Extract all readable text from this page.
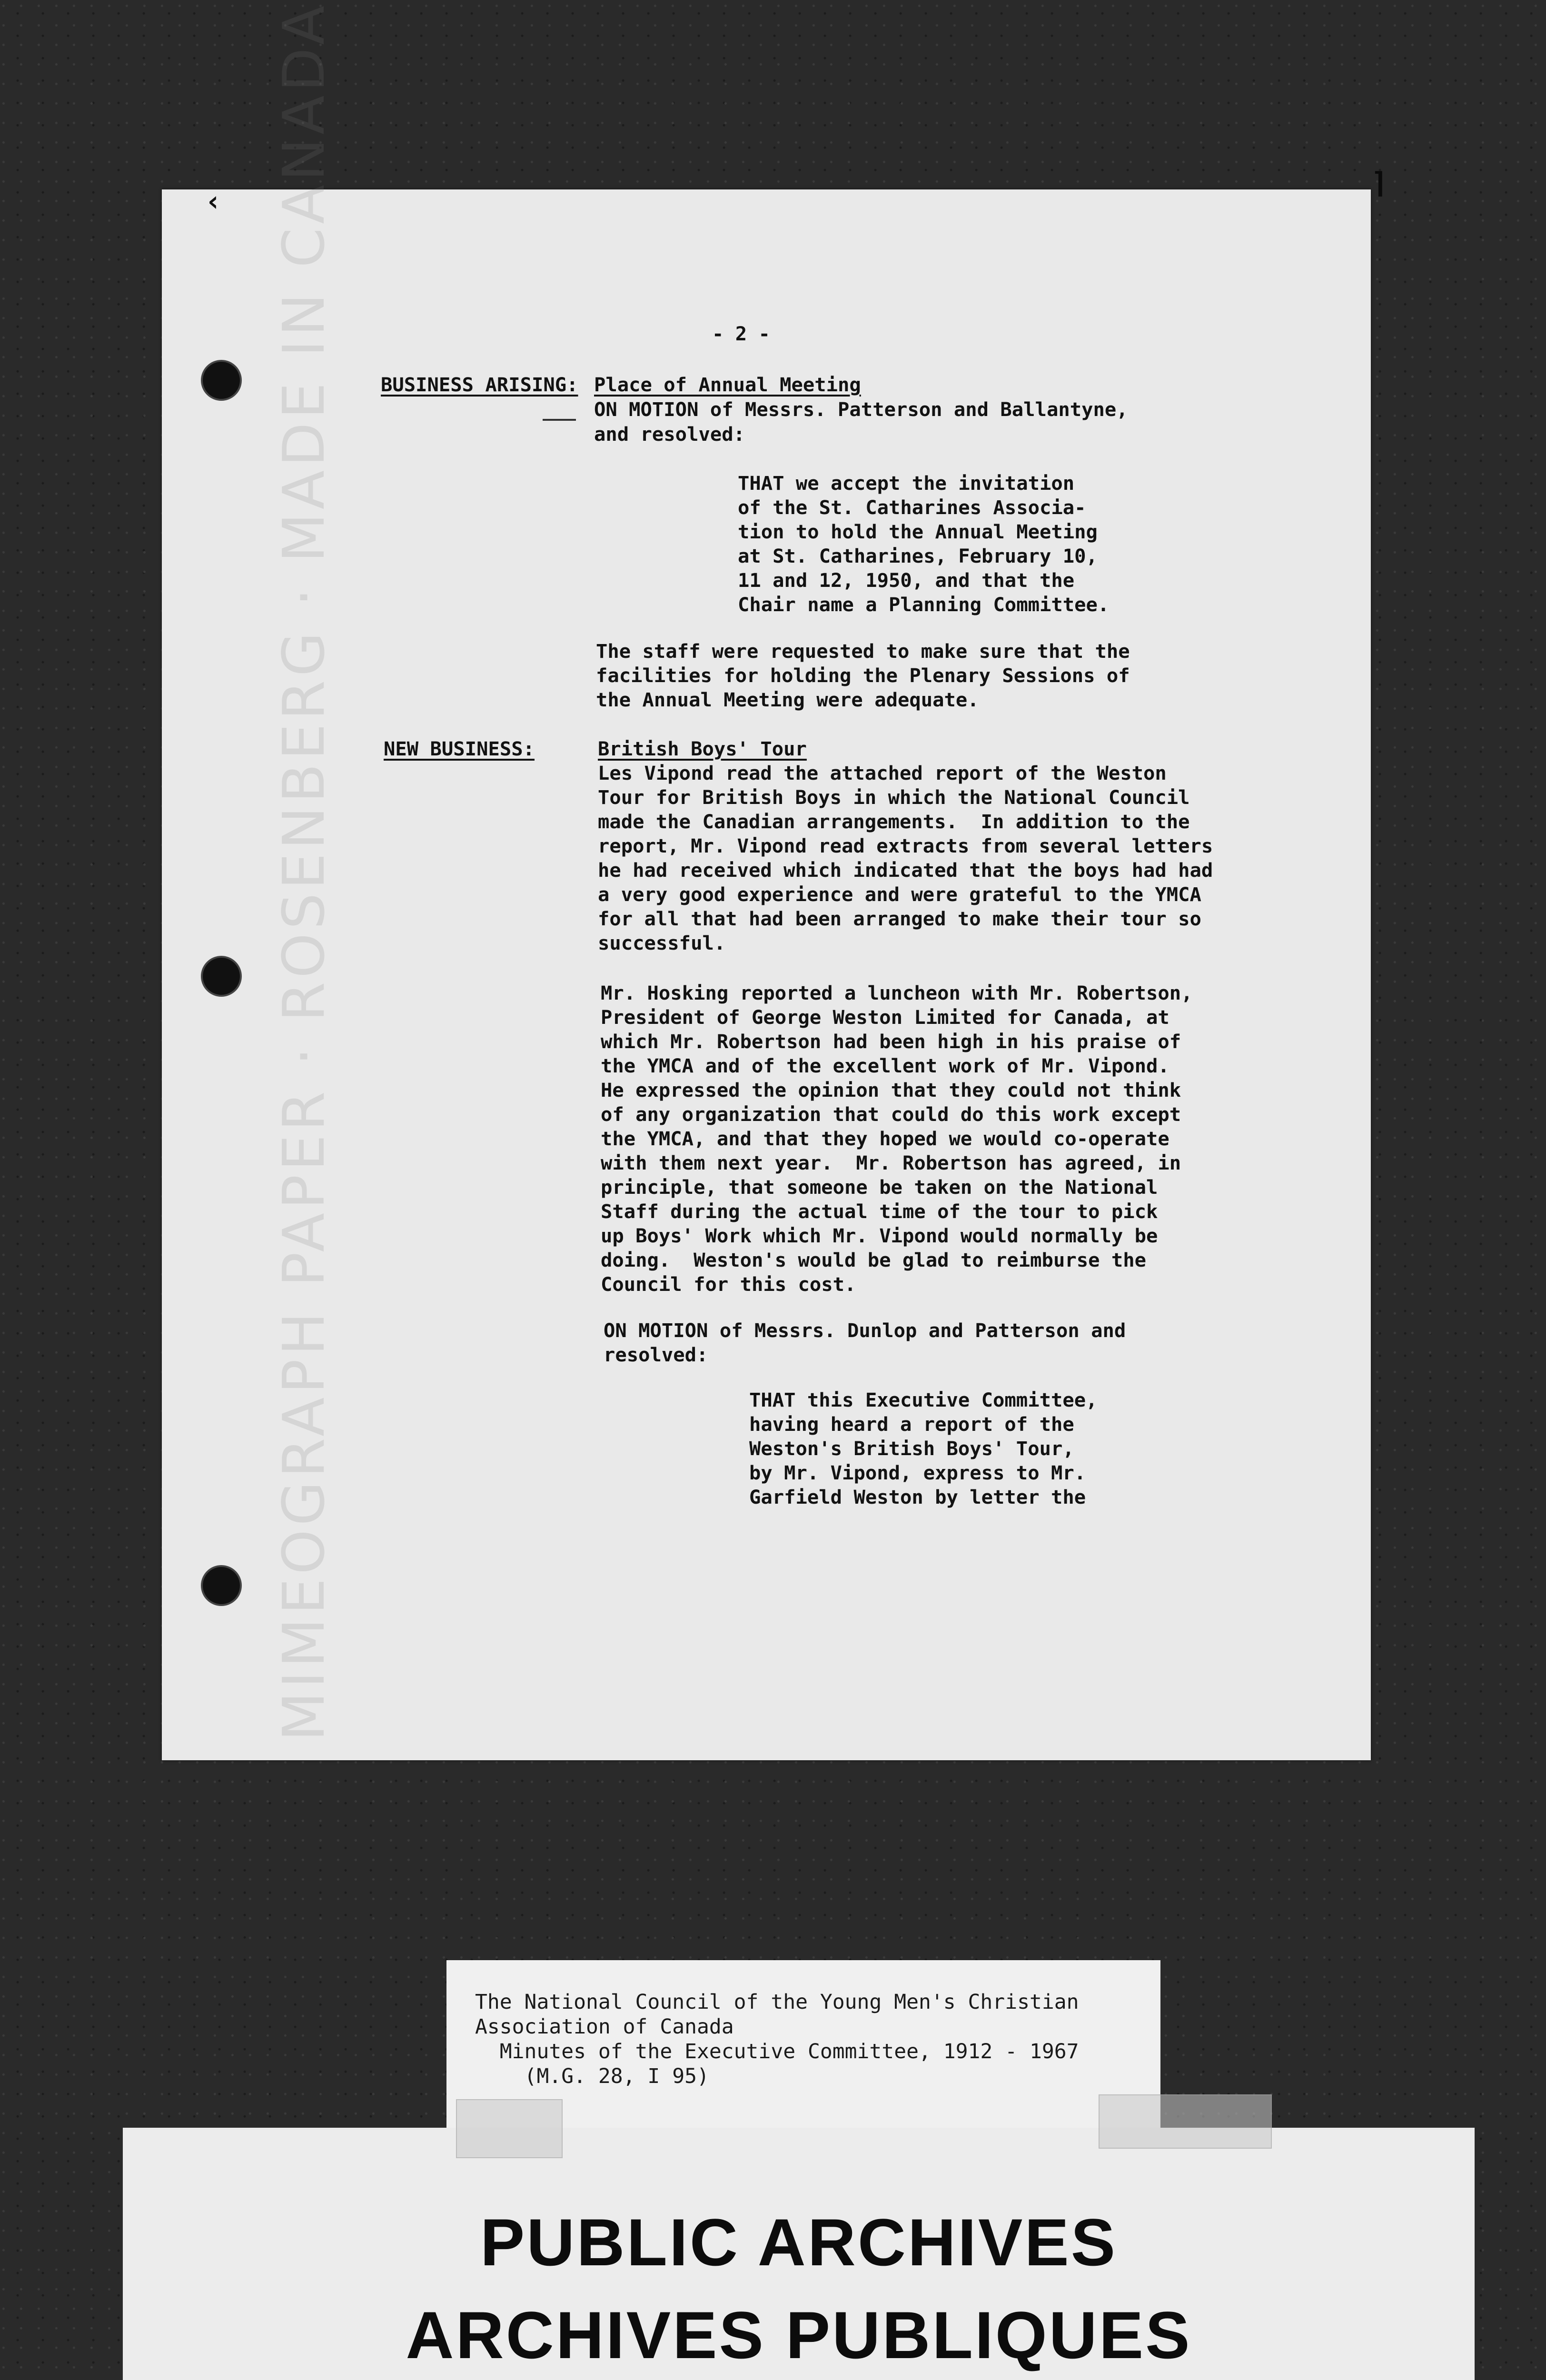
‹ MIMEOGRAPH PAPER · ROSENBERG · MADE IN CANADA	- 2 -
BUSINESS ARISING: Place of Annual Meeting
ON MOTION of Messrs. Patterson and Ballantyne,
and resolved:
THAT we accept the invitation
of the St. Catharines Associa-
tion to hold the Annual Meeting
at St. Catharines, February 10,
11 and 12, 1950, and that the
Chair name a Planning Committee.
The staff were requested to make sure that the
facilities for holding the Plenary Sessions of
the Annual Meeting were adequate.
NEW BUSINESS:	British Boys' Tour
Les Vipond read the attached report of the Weston
Tour for British Boys in which the National Council
made the Canadian arrangements.  In addition to the
report, Mr. Vipond read extracts from several letters
he had received which indicated that the boys had had
a very good experience and were grateful to the YMCA
for all that had been arranged to make their tour so
successful.
Mr. Hosking reported a luncheon with Mr. Robertson,
President of George Weston Limited for Canada, at
which Mr. Robertson had been high in his praise of
the YMCA and of the excellent work of Mr. Vipond.
He expressed the opinion that they could not think
of any organization that could do this work except
the YMCA, and that they hoped we would co-operate
with them next year.  Mr. Robertson has agreed, in
principle, that someone be taken on the National
Staff during the actual time of the tour to pick
up Boys' Work which Mr. Vipond would normally be
doing.  Weston's would be glad to reimburse the
Council for this cost.
ON MOTION of Messrs. Dunlop and Patterson and
resolved:
THAT this Executive Committee,
having heard a report of the
Weston's British Boys' Tour,
by Mr. Vipond, express to Mr.
Garfield Weston by letter the
⌉
The National Council of the Young Men's Christian
Association of Canada
Minutes of the Executive Committee, 1912 - 1967
(M.G. 28, I 95)
PUBLIC ARCHIVES
ARCHIVES PUBLIQUES
